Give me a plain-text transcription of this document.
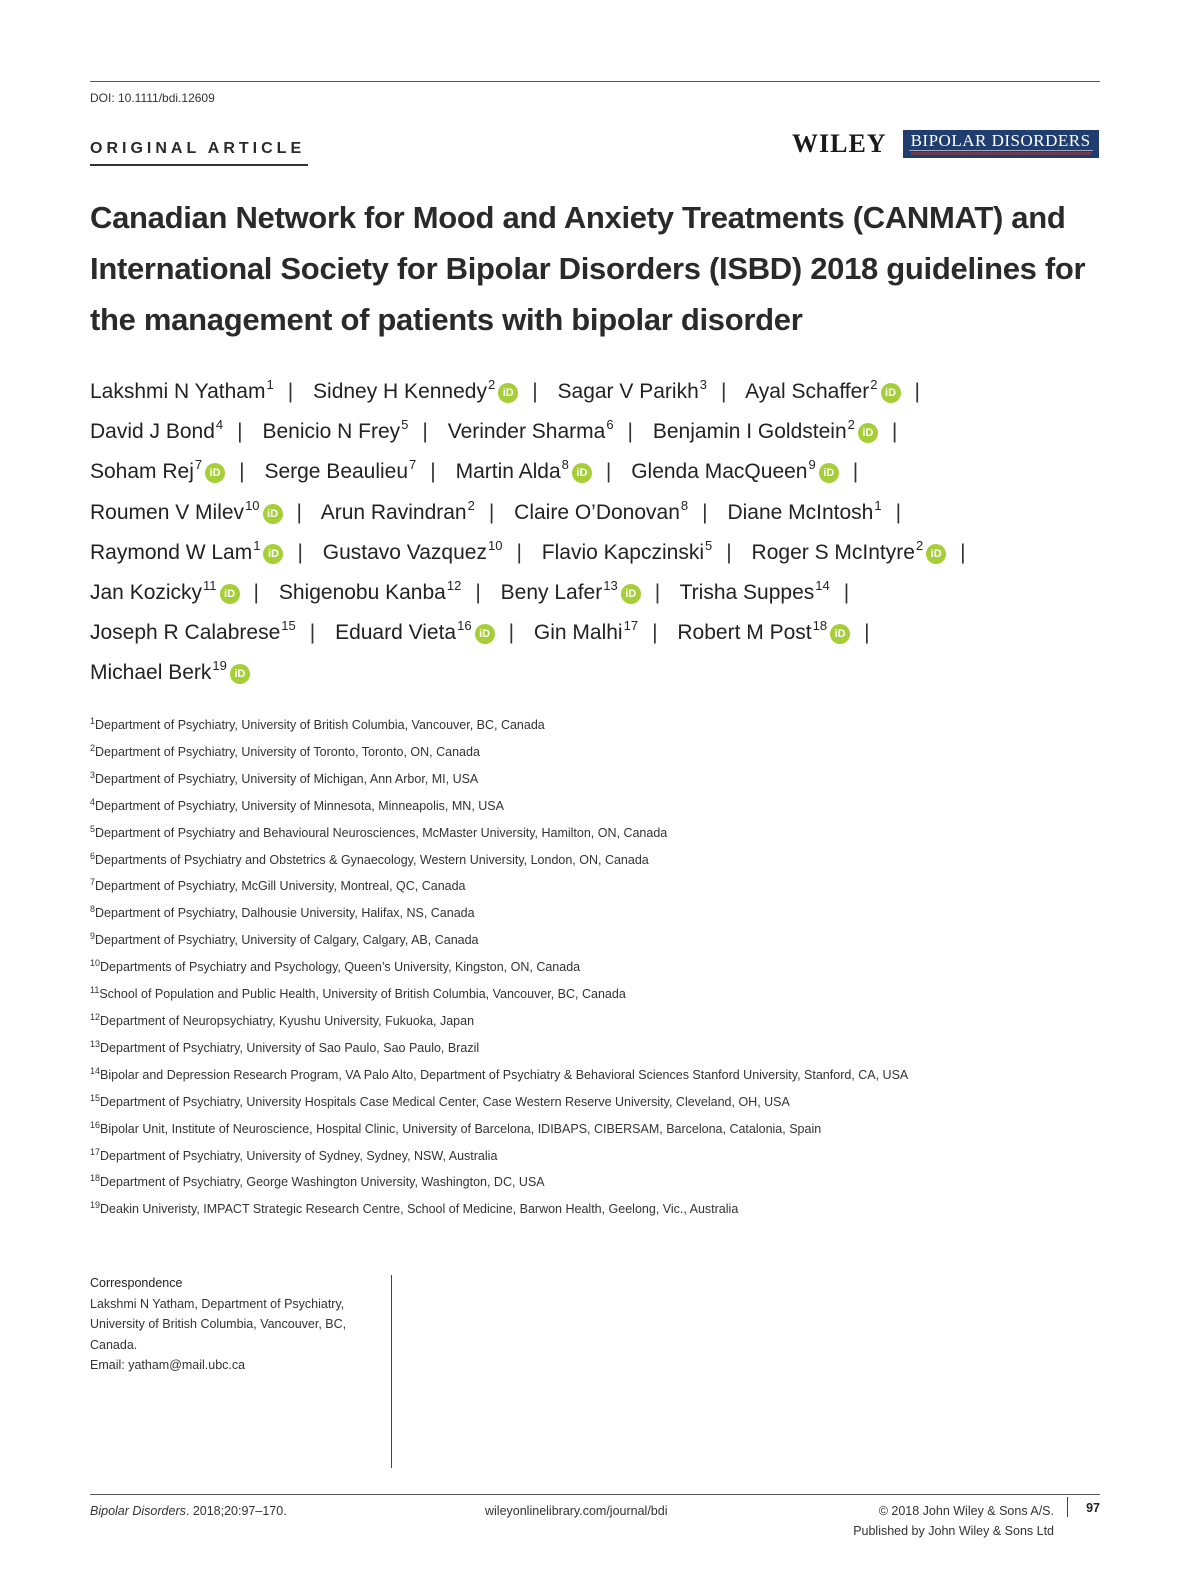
DOI: 10.1111/bdi.12609
ORIGINAL ARTICLE	WILEY	BIPOLAR DISORDERS
Canadian Network for Mood and Anxiety Treatments (CANMAT) and International Society for Bipolar Disorders (ISBD) 2018 guidelines for the management of patients with bipolar disorder
Lakshmi N Yatham$^1$ | Sidney H Kennedy$^2$iD | Sagar V Parikh$^3$ | Ayal Schaffer$^2$iD |
David J Bond$^4$ | Benicio N Frey$^5$ | Verinder Sharma$^6$ | Benjamin I Goldstein$^2$iD |
Soham Rej$^7$iD | Serge Beaulieu$^7$ | Martin Alda$^8$iD | Glenda MacQueen$^9$iD |
Roumen V Milev$^{10}$iD | Arun Ravindran$^2$ | Claire O’Donovan$^8$ | Diane McIntosh$^1$ |
Raymond W Lam$^1$iD | Gustavo Vazquez$^{10}$ | Flavio Kapczinski$^5$ | Roger S McIntyre$^2$iD |
Jan Kozicky$^{11}$iD | Shigenobu Kanba$^{12}$ | Beny Lafer$^{13}$iD | Trisha Suppes$^{14}$ |
Joseph R Calabrese$^{15}$ | Eduard Vieta$^{16}$iD | Gin Malhi$^{17}$ | Robert M Post$^{18}$iD |
Michael Berk$^{19}$iD
$^1$Department of Psychiatry, University of British Columbia, Vancouver, BC, Canada
$^2$Department of Psychiatry, University of Toronto, Toronto, ON, Canada
$^3$Department of Psychiatry, University of Michigan, Ann Arbor, MI, USA
$^4$Department of Psychiatry, University of Minnesota, Minneapolis, MN, USA
$^5$Department of Psychiatry and Behavioural Neurosciences, McMaster University, Hamilton, ON, Canada
$^6$Departments of Psychiatry and Obstetrics & Gynaecology, Western University, London, ON, Canada
$^7$Department of Psychiatry, McGill University, Montreal, QC, Canada
$^8$Department of Psychiatry, Dalhousie University, Halifax, NS, Canada
$^9$Department of Psychiatry, University of Calgary, Calgary, AB, Canada
$^{10}$Departments of Psychiatry and Psychology, Queen’s University, Kingston, ON, Canada
$^{11}$School of Population and Public Health, University of British Columbia, Vancouver, BC, Canada
$^{12}$Department of Neuropsychiatry, Kyushu University, Fukuoka, Japan
$^{13}$Department of Psychiatry, University of Sao Paulo, Sao Paulo, Brazil
$^{14}$Bipolar and Depression Research Program, VA Palo Alto, Department of Psychiatry & Behavioral Sciences Stanford University, Stanford, CA, USA
$^{15}$Department of Psychiatry, University Hospitals Case Medical Center, Case Western Reserve University, Cleveland, OH, USA
$^{16}$Bipolar Unit, Institute of Neuroscience, Hospital Clinic, University of Barcelona, IDIBAPS, CIBERSAM, Barcelona, Catalonia, Spain
$^{17}$Department of Psychiatry, University of Sydney, Sydney, NSW, Australia
$^{18}$Department of Psychiatry, George Washington University, Washington, DC, USA
$^{19}$Deakin Univeristy, IMPACT Strategic Research Centre, School of Medicine, Barwon Health, Geelong, Vic., Australia
Correspondence
Lakshmi N Yatham, Department of Psychiatry,
University of British Columbia, Vancouver, BC,
Canada.
Email: yatham@mail.ubc.ca
Bipolar Disorders. 2018;20:97–170.	wileyonlinelibrary.com/journal/bdi	© 2018 John Wiley & Sons A/S.
Published by John Wiley & Sons Ltd
97
